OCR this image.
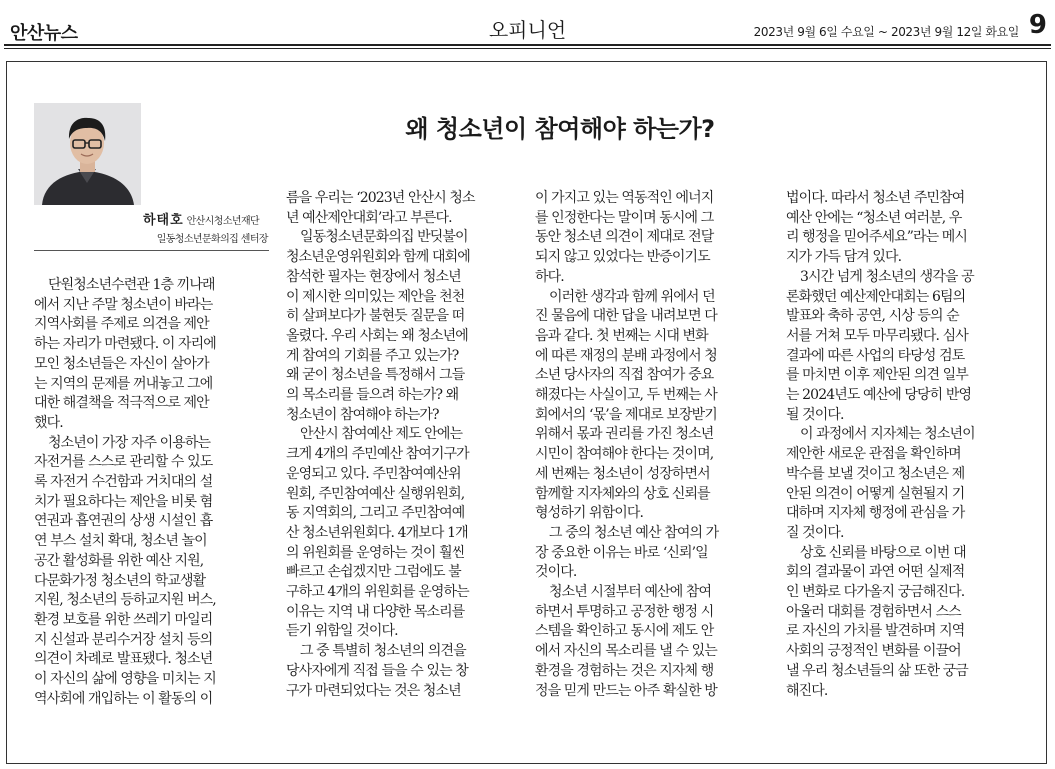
안산뉴스	오피니언	2023년 9월 6일 수요일 ~ 2023년 9월 12일 화요일 9
하태호 안산시청소년재단
일동청소년문화의집 센터장
왜 청소년이 참여해야 하는가?

단원청소년수련관 1층 끼나래

에서 지난 주말 청소년이 바라는

지역사회를 주제로 의견을 제안

하는 자리가 마련됐다. 이 자리에

모인 청소년들은 자신이 살아가

는 지역의 문제를 꺼내놓고 그에

대한 해결책을 적극적으로 제안

했다.

청소년이 가장 자주 이용하는

자전거를 스스로 관리할 수 있도

록 자전거 수건함과 거치대의 설

치가 필요하다는 제안을 비롯 혐

연권과 흡연권의 상생 시설인 흡

연 부스 설치 확대, 청소년 놀이

공간 활성화를 위한 예산 지원,

다문화가정 청소년의 학교생활

지원, 청소년의 등하교지원 버스,

환경 보호를 위한 쓰레기 마일리

지 신설과 분리수거장 설치 등의

의견이 차례로 발표됐다. 청소년

이 자신의 삶에 영향을 미치는 지

역사회에 개입하는 이 활동의 이

름을 우리는 ‘2023년 안산시 청소

년 예산제안대회’라고 부른다.

일동청소년문화의집 반딧불이

청소년운영위원회와 함께 대회에

참석한 필자는 현장에서 청소년

이 제시한 의미있는 제안을 천천

히 살펴보다가 불현듯 질문을 떠

올렸다. 우리 사회는 왜 청소년에

게 참여의 기회를 주고 있는가?

왜 굳이 청소년을 특정해서 그들

의 목소리를 들으려 하는가? 왜

청소년이 참여해야 하는가?

안산시 참여예산 제도 안에는

크게 4개의 주민예산 참여기구가

운영되고 있다. 주민참여예산위

원회, 주민참여예산 실행위원회,

동 지역회의, 그리고 주민참여예

산 청소년위원회다. 4개보다 1개

의 위원회를 운영하는 것이 훨씬

빠르고 손쉽겠지만 그럼에도 불

구하고 4개의 위원회를 운영하는

이유는 지역 내 다양한 목소리를

듣기 위함일 것이다.

그 중 특별히 청소년의 의견을

당사자에게 직접 들을 수 있는 창

구가 마련되었다는 것은 청소년

이 가지고 있는 역동적인 에너지

를 인정한다는 말이며 동시에 그

동안 청소년 의견이 제대로 전달

되지 않고 있었다는 반증이기도

하다.

이러한 생각과 함께 위에서 던

진 물음에 대한 답을 내려보면 다

음과 같다. 첫 번째는 시대 변화

에 따른 재정의 분배 과정에서 청

소년 당사자의 직접 참여가 중요

해졌다는 사실이고, 두 번째는 사

회에서의 ‘몫’을 제대로 보장받기

위해서 몫과 권리를 가진 청소년

시민이 참여해야 한다는 것이며,

세 번째는 청소년이 성장하면서

함께할 지자체와의 상호 신뢰를

형성하기 위함이다.

그 중의 청소년 예산 참여의 가

장 중요한 이유는 바로 ‘신뢰’일

것이다.

청소년 시절부터 예산에 참여

하면서 투명하고 공정한 행정 시

스템을 확인하고 동시에 제도 안

에서 자신의 목소리를 낼 수 있는

환경을 경험하는 것은 지자체 행

정을 믿게 만드는 아주 확실한 방

법이다. 따라서 청소년 주민참여

예산 안에는 “청소년 여러분, 우

리 행정을 믿어주세요”라는 메시

지가 가득 담겨 있다.

3시간 넘게 청소년의 생각을 공

론화했던 예산제안대회는 6팀의

발표와 축하 공연, 시상 등의 순

서를 거쳐 모두 마무리됐다. 심사

결과에 따른 사업의 타당성 검토

를 마치면 이후 제안된 의견 일부

는 2024년도 예산에 당당히 반영

될 것이다.

이 과정에서 지자체는 청소년이

제안한 새로운 관점을 확인하며

박수를 보낼 것이고 청소년은 제

안된 의견이 어떻게 실현될지 기

대하며 지자체 행정에 관심을 가

질 것이다.

상호 신뢰를 바탕으로 이번 대

회의 결과물이 과연 어떤 실제적

인 변화로 다가올지 궁금해진다.

아울러 대회를 경험하면서 스스

로 자신의 가치를 발견하며 지역

사회의 긍정적인 변화를 이끌어

낼 우리 청소년들의 삶 또한 궁금

해진다.
